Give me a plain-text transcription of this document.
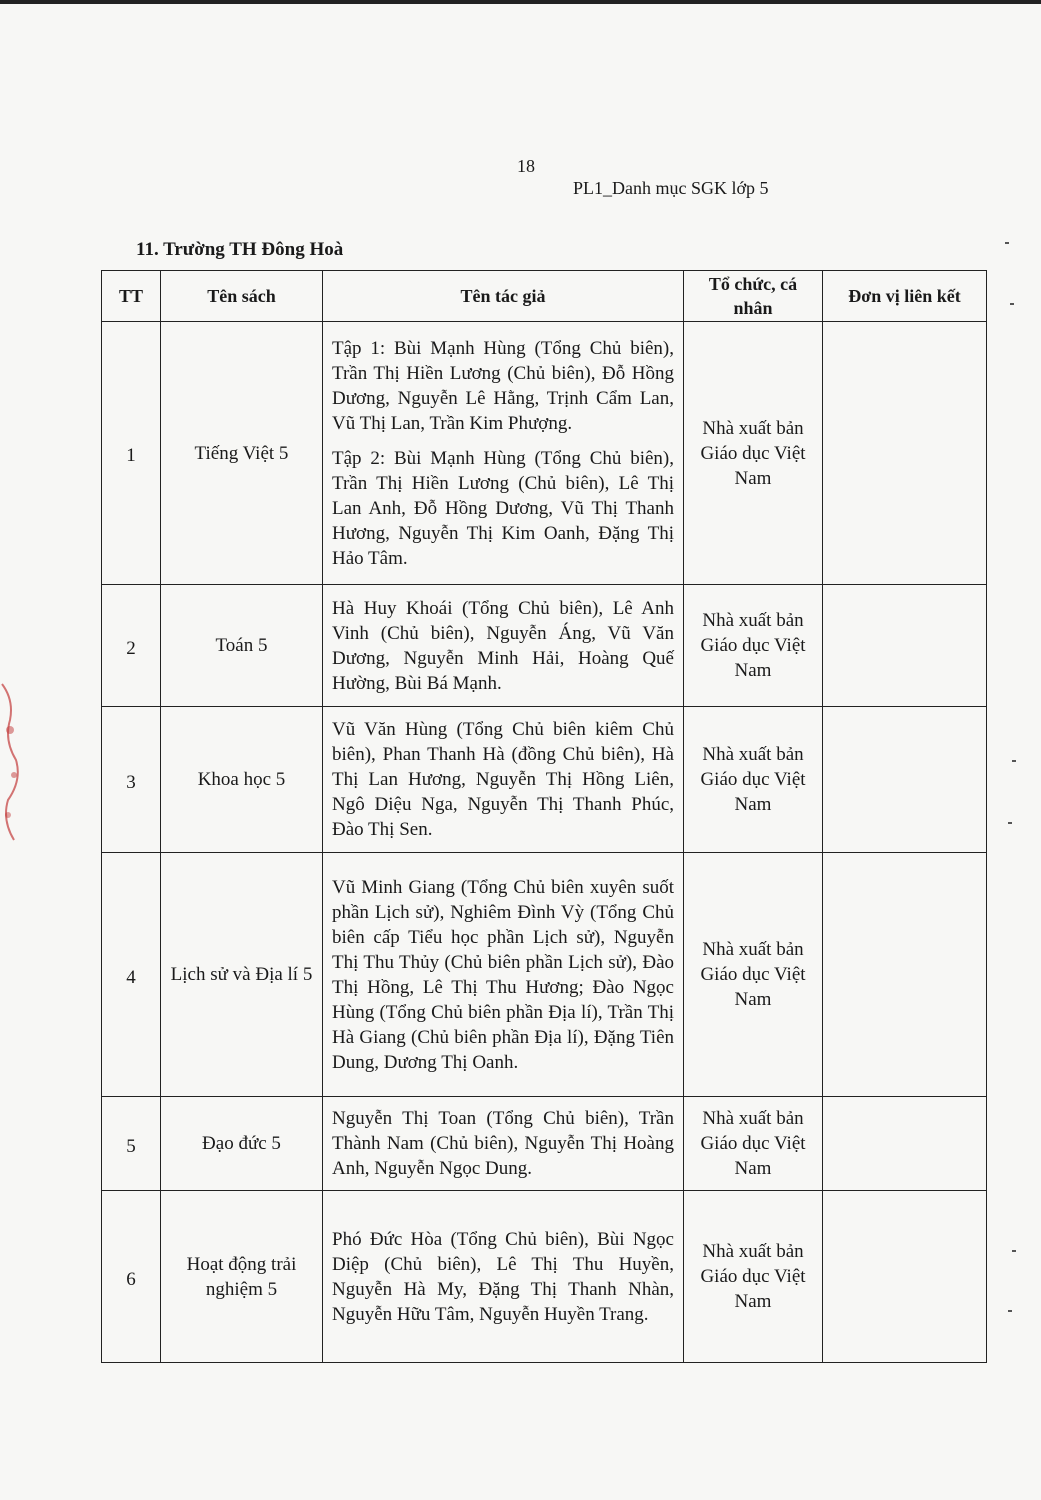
18
PL1_Danh mục SGK lớp 5
11. Trường TH Đông Hoà
TT	Tên sách	Tên tác giả	Tổ chức, cá nhân	Đơn vị liên kết
1	Tiếng Việt 5	Tập 1: Bùi Mạnh Hùng (Tổng Chủ biên), Trần Thị Hiền Lương (Chủ biên), Đỗ Hồng Dương, Nguyễn Lê Hằng, Trịnh Cẩm Lan, Vũ Thị Lan, Trần Kim Phượng.

Tập 2: Bùi Mạnh Hùng (Tổng Chủ biên), Trần Thị Hiền Lương (Chủ biên), Lê Thị Lan Anh, Đỗ Hồng Dương, Vũ Thị Thanh Hương, Nguyễn Thị Kim Oanh, Đặng Thị Hảo Tâm.	Nhà xuất bản Giáo dục Việt Nam	
2	Toán 5	Hà Huy Khoái (Tổng Chủ biên), Lê Anh Vinh (Chủ biên), Nguyễn Áng, Vũ Văn Dương, Nguyễn Minh Hải, Hoàng Quế Hường, Bùi Bá Mạnh.	Nhà xuất bản Giáo dục Việt Nam	
3	Khoa học 5	Vũ Văn Hùng (Tổng Chủ biên kiêm Chủ biên), Phan Thanh Hà (đồng Chủ biên), Hà Thị Lan Hương, Nguyễn Thị Hồng Liên, Ngô Diệu Nga, Nguyễn Thị Thanh Phúc, Đào Thị Sen.	Nhà xuất bản Giáo dục Việt Nam	
4	Lịch sử và Địa lí 5	Vũ Minh Giang (Tổng Chủ biên xuyên suốt phần Lịch sử), Nghiêm Đình Vỳ (Tổng Chủ biên cấp Tiểu học phần Lịch sử), Nguyễn Thị Thu Thủy (Chủ biên phần Lịch sử), Đào Thị Hồng, Lê Thị Thu Hương; Đào Ngọc Hùng (Tổng Chủ biên phần Địa lí), Trần Thị Hà Giang (Chủ biên phần Địa lí), Đặng Tiên Dung, Dương Thị Oanh.	Nhà xuất bản Giáo dục Việt Nam	
5	Đạo đức 5	Nguyễn Thị Toan (Tổng Chủ biên), Trần Thành Nam (Chủ biên), Nguyễn Thị Hoàng Anh, Nguyễn Ngọc Dung.	Nhà xuất bản Giáo dục Việt Nam	
6	Hoạt động trải nghiệm 5	Phó Đức Hòa (Tổng Chủ biên), Bùi Ngọc Diệp (Chủ biên), Lê Thị Thu Huyền, Nguyễn Hà My, Đặng Thị Thanh Nhàn, Nguyễn Hữu Tâm, Nguyễn Huyền Trang.	Nhà xuất bản Giáo dục Việt Nam	
